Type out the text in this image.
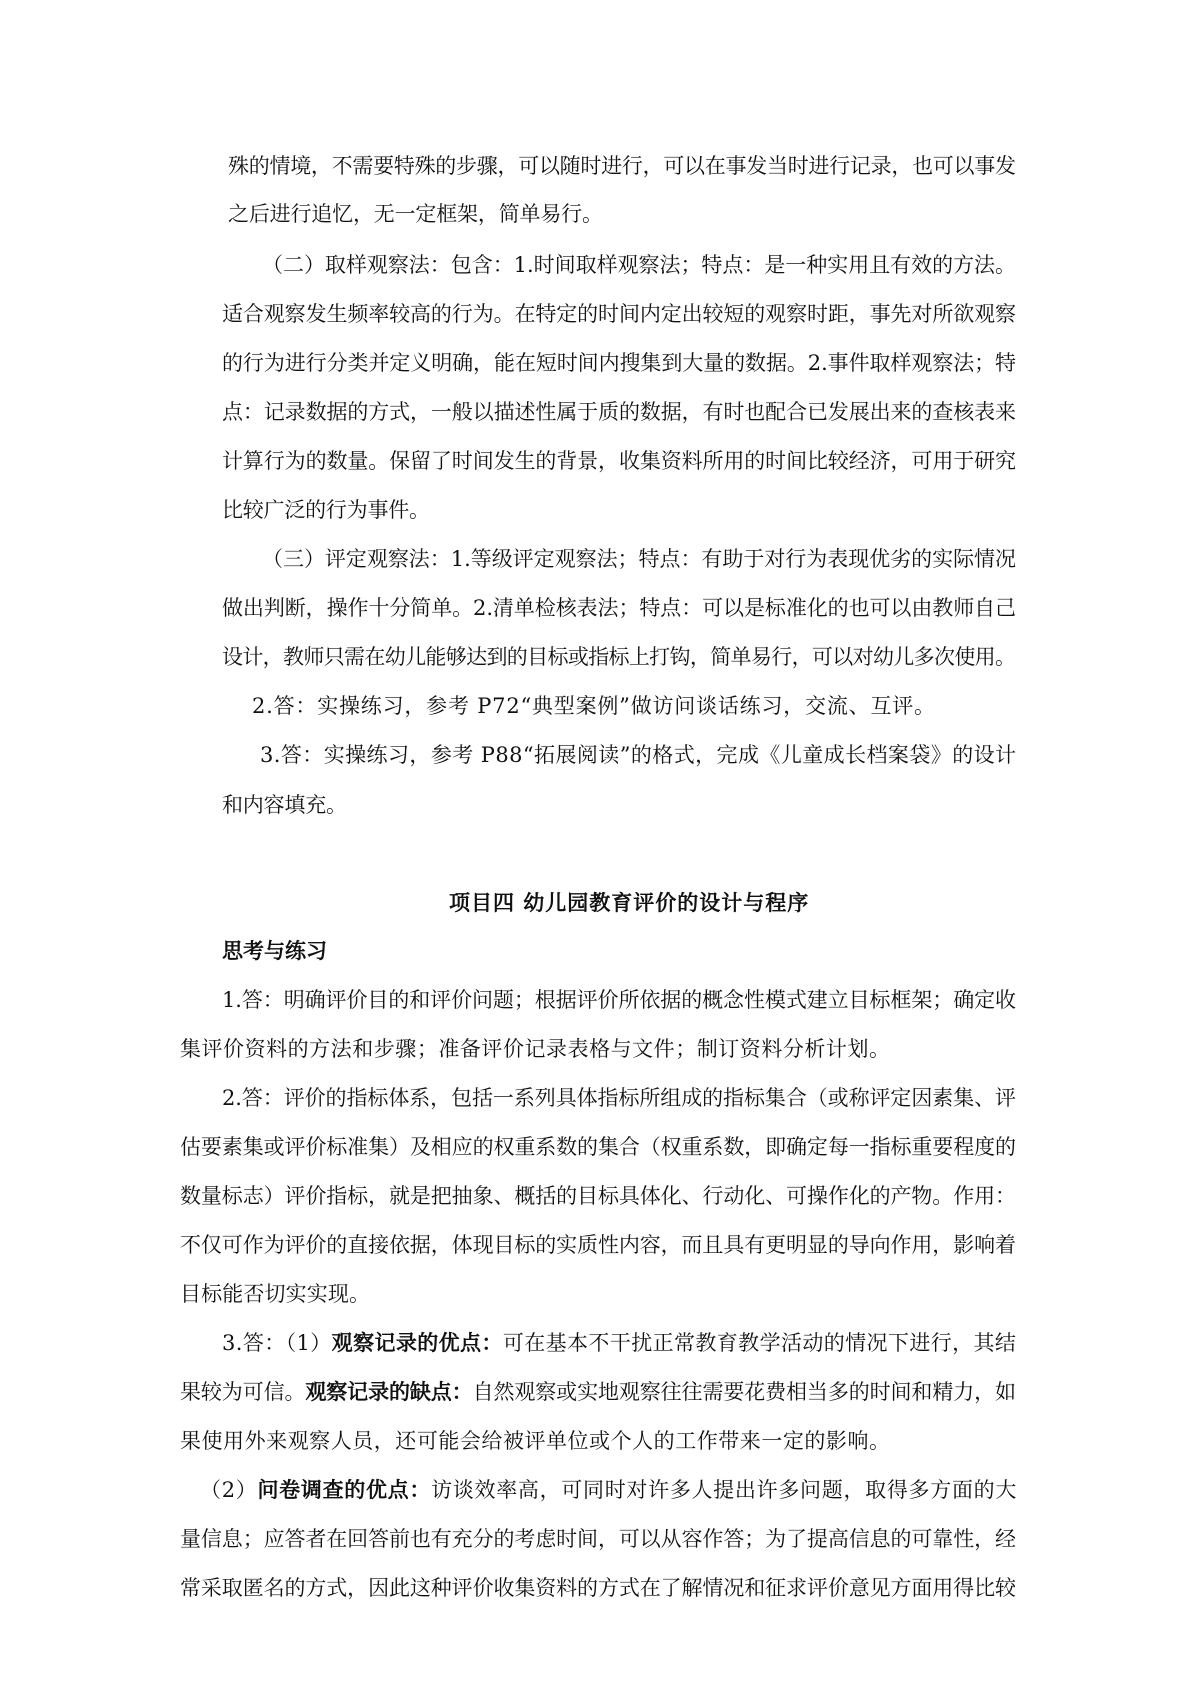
殊的情境，不需要特殊的步骤，可以随时进行，可以在事发当时进行记录，也可以事发
之后进行追忆，无一定框架，简单易行。
（二）取样观察法：包含：1.时间取样观察法；特点：是一种实用且有效的方法。
适合观察发生频率较高的行为。在特定的时间内定出较短的观察时距，事先对所欲观察
的行为进行分类并定义明确，能在短时间内搜集到大量的数据。2.事件取样观察法；特
点：记录数据的方式，一般以描述性属于质的数据，有时也配合已发展出来的查核表来
计算行为的数量。保留了时间发生的背景，收集资料所用的时间比较经济，可用于研究
比较广泛的行为事件。
（三）评定观察法：1.等级评定观察法；特点：有助于对行为表现优劣的实际情况
做出判断，操作十分简单。2.清单检核表法；特点：可以是标准化的也可以由教师自己
设计，教师只需在幼儿能够达到的目标或指标上打钩，简单易行，可以对幼儿多次使用。
2.答：实操练习，参考 P72“典型案例”做访问谈话练习，交流、互评。
3.答：实操练习，参考 P88“拓展阅读”的格式，完成《儿童成长档案袋》的设计
和内容填充。
项目四 幼儿园教育评价的设计与程序
思考与练习
1.答：明确评价目的和评价问题；根据评价所依据的概念性模式建立目标框架；确定收
集评价资料的方法和步骤；准备评价记录表格与文件；制订资料分析计划。
2.答：评价的指标体系，包括一系列具体指标所组成的指标集合（或称评定因素集、评
估要素集或评价标准集）及相应的权重系数的集合（权重系数，即确定每一指标重要程度的
数量标志）评价指标，就是把抽象、概括的目标具体化、行动化、可操作化的产物。作用：
不仅可作为评价的直接依据，体现目标的实质性内容，而且具有更明显的导向作用，影响着
目标能否切实实现。
3.答：（1）观察记录的优点：可在基本不干扰正常教育教学活动的情况下进行，其结
果较为可信。观察记录的缺点：自然观察或实地观察往往需要花费相当多的时间和精力，如
果使用外来观察人员，还可能会给被评单位或个人的工作带来一定的影响。
（2）问卷调查的优点：访谈效率高，可同时对许多人提出许多问题，取得多方面的大
量信息；应答者在回答前也有充分的考虑时间，可以从容作答；为了提高信息的可靠性，经
常采取匿名的方式，因此这种评价收集资料的方式在了解情况和征求评价意见方面用得比较
